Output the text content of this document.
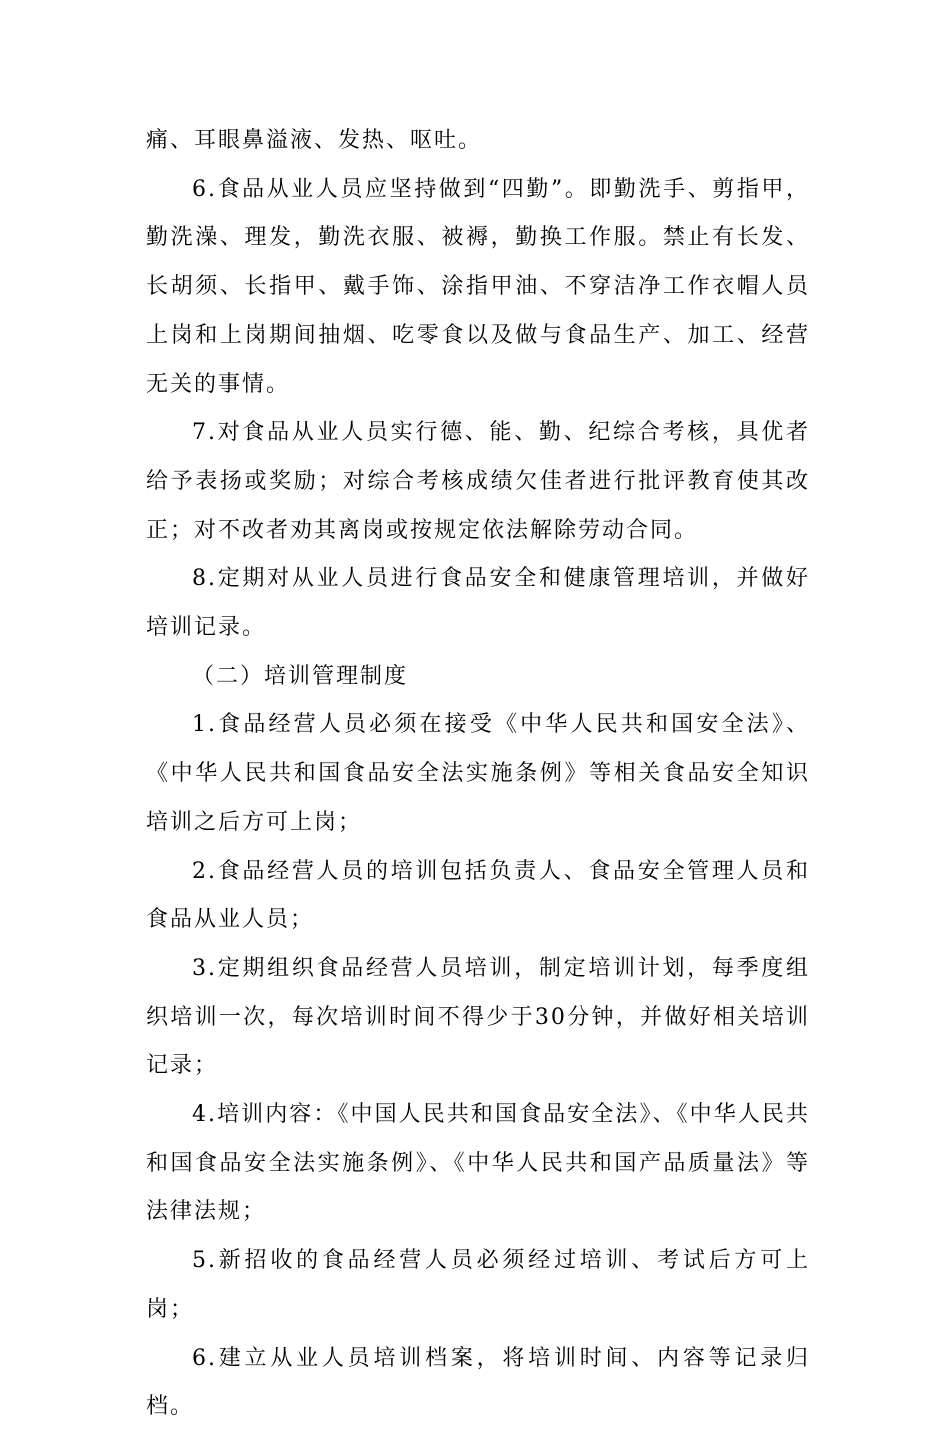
痛、耳眼鼻溢液、发热、呕吐。

6.食品从业人员应坚持做到“四勤”。即勤洗手、剪指甲，勤洗澡、理发，勤洗衣服、被褥，勤换工作服。禁止有长发、长胡须、长指甲、戴手饰、涂指甲油、不穿洁净工作衣帽人员上岗和上岗期间抽烟、吃零食以及做与食品生产、加工、经营无关的事情。

7.对食品从业人员实行德、能、勤、纪综合考核，具优者给予表扬或奖励；对综合考核成绩欠佳者进行批评教育使其改正；对不改者劝其离岗或按规定依法解除劳动合同。

8.定期对从业人员进行食品安全和健康管理培训，并做好培训记录。

（二）培训管理制度

1.食品经营人员必须在接受《中华人民共和国安全法》、《中华人民共和国食品安全法实施条例》等相关食品安全知识培训之后方可上岗；

2.食品经营人员的培训包括负责人、食品安全管理人员和食品从业人员；

3.定期组织食品经营人员培训，制定培训计划，每季度组织培训一次，每次培训时间不得少于30分钟，并做好相关培训记录；

4.培训内容：《中国人民共和国食品安全法》、《中华人民共和国食品安全法实施条例》、《中华人民共和国产品质量法》等法律法规；

5.新招收的食品经营人员必须经过培训、考试后方可上岗；

6.建立从业人员培训档案，将培训时间、内容等记录归档。
